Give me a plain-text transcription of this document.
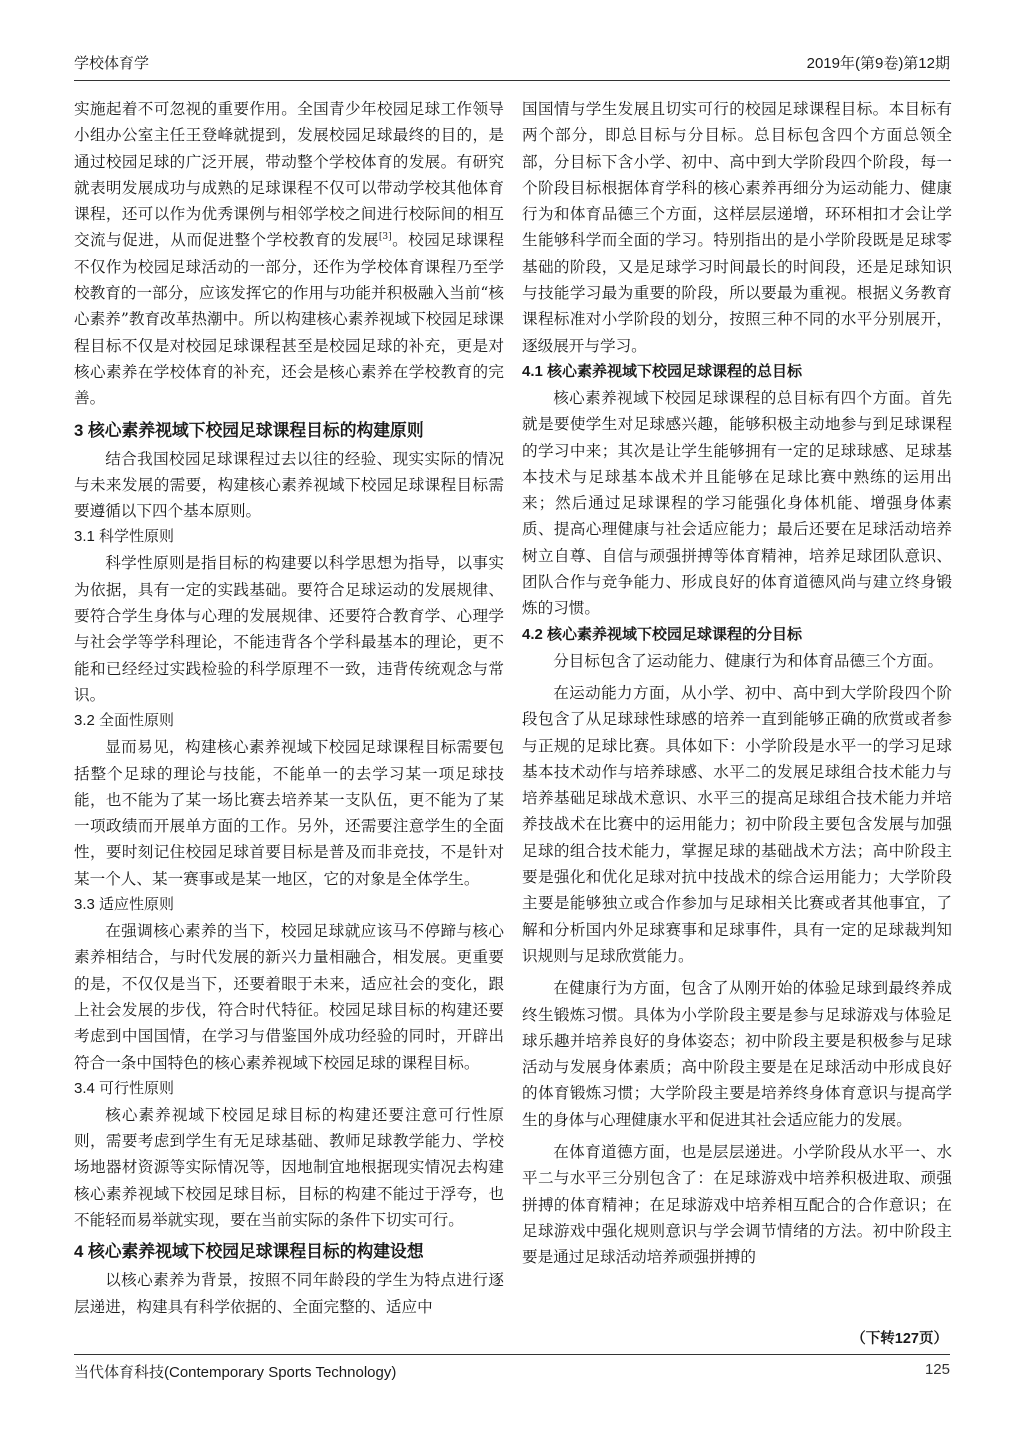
学校体育学	2019年(第9卷)第12期

实施起着不可忽视的重要作用。全国青少年校园足球工作领导小组办公室主任王登峰就提到，发展校园足球最终的目的，是通过校园足球的广泛开展，带动整个学校体育的发展。有研究就表明发展成功与成熟的足球课程不仅可以带动学校其他体育课程，还可以作为优秀课例与相邻学校之间进行校际间的相互交流与促进，从而促进整个学校教育的发展[3]。校园足球课程不仅作为校园足球活动的一部分，还作为学校体育课程乃至学校教育的一部分，应该发挥它的作用与功能并积极融入当前“核心素养”教育改革热潮中。所以构建核心素养视域下校园足球课程目标不仅是对校园足球课程甚至是校园足球的补充，更是对核心素养在学校体育的补充，还会是核心素养在学校教育的完善。

3 核心素养视域下校园足球课程目标的构建原则

结合我国校园足球课程过去以往的经验、现实实际的情况与未来发展的需要，构建核心素养视域下校园足球课程目标需要遵循以下四个基本原则。

3.1 科学性原则

科学性原则是指目标的构建要以科学思想为指导，以事实为依据，具有一定的实践基础。要符合足球运动的发展规律、要符合学生身体与心理的发展规律、还要符合教育学、心理学与社会学等学科理论，不能违背各个学科最基本的理论，更不能和已经经过实践检验的科学原理不一致，违背传统观念与常识。

3.2 全面性原则

显而易见，构建核心素养视域下校园足球课程目标需要包括整个足球的理论与技能，不能单一的去学习某一项足球技能，也不能为了某一场比赛去培养某一支队伍，更不能为了某一项政绩而开展单方面的工作。另外，还需要注意学生的全面性，要时刻记住校园足球首要目标是普及而非竞技，不是针对某一个人、某一赛事或是某一地区，它的对象是全体学生。

3.3 适应性原则

在强调核心素养的当下，校园足球就应该马不停蹄与核心素养相结合，与时代发展的新兴力量相融合，相发展。更重要的是，不仅仅是当下，还要着眼于未来，适应社会的变化，跟上社会发展的步伐，符合时代特征。校园足球目标的构建还要考虑到中国国情，在学习与借鉴国外成功经验的同时，开辟出符合一条中国特色的核心素养视域下校园足球的课程目标。

3.4 可行性原则

核心素养视域下校园足球目标的构建还要注意可行性原则，需要考虑到学生有无足球基础、教师足球教学能力、学校场地器材资源等实际情况等，因地制宜地根据现实情况去构建核心素养视域下校园足球目标，目标的构建不能过于浮夸，也不能轻而易举就实现，要在当前实际的条件下切实可行。

4 核心素养视域下校园足球课程目标的构建设想

以核心素养为背景，按照不同年龄段的学生为特点进行逐层递进，构建具有科学依据的、全面完整的、适应中

国国情与学生发展且切实可行的校园足球课程目标。本目标有两个部分，即总目标与分目标。总目标包含四个方面总领全部，分目标下含小学、初中、高中到大学阶段四个阶段，每一个阶段目标根据体育学科的核心素养再细分为运动能力、健康行为和体育品德三个方面，这样层层递增，环环相扣才会让学生能够科学而全面的学习。特别指出的是小学阶段既是足球零基础的阶段，又是足球学习时间最长的时间段，还是足球知识与技能学习最为重要的阶段，所以要最为重视。根据义务教育课程标准对小学阶段的划分，按照三种不同的水平分别展开，逐级展开与学习。

4.1 核心素养视域下校园足球课程的总目标

核心素养视域下校园足球课程的总目标有四个方面。首先就是要使学生对足球感兴趣，能够积极主动地参与到足球课程的学习中来；其次是让学生能够拥有一定的足球球感、足球基本技术与足球基本战术并且能够在足球比赛中熟练的运用出来；然后通过足球课程的学习能强化身体机能、增强身体素质、提高心理健康与社会适应能力；最后还要在足球活动培养树立自尊、自信与顽强拼搏等体育精神，培养足球团队意识、团队合作与竞争能力、形成良好的体育道德风尚与建立终身锻炼的习惯。

4.2 核心素养视域下校园足球课程的分目标

分目标包含了运动能力、健康行为和体育品德三个方面。

在运动能力方面，从小学、初中、高中到大学阶段四个阶段包含了从足球球性球感的培养一直到能够正确的欣赏或者参与正规的足球比赛。具体如下：小学阶段是水平一的学习足球基本技术动作与培养球感、水平二的发展足球组合技术能力与培养基础足球战术意识、水平三的提高足球组合技术能力并培养技战术在比赛中的运用能力；初中阶段主要包含发展与加强足球的组合技术能力，掌握足球的基础战术方法；高中阶段主要是强化和优化足球对抗中技战术的综合运用能力；大学阶段主要是能够独立或合作参加与足球相关比赛或者其他事宜，了解和分析国内外足球赛事和足球事件，具有一定的足球裁判知识规则与足球欣赏能力。

在健康行为方面，包含了从刚开始的体验足球到最终养成终生锻炼习惯。具体为小学阶段主要是参与足球游戏与体验足球乐趣并培养良好的身体姿态；初中阶段主要是积极参与足球活动与发展身体素质；高中阶段主要是在足球活动中形成良好的体育锻炼习惯；大学阶段主要是培养终身体育意识与提高学生的身体与心理健康水平和促进其社会适应能力的发展。

在体育道德方面，也是层层递进。小学阶段从水平一、水平二与水平三分别包含了：在足球游戏中培养积极进取、顽强拼搏的体育精神；在足球游戏中培养相互配合的合作意识；在足球游戏中强化规则意识与学会调节情绪的方法。初中阶段主要是通过足球活动培养顽强拼搏的

（下转127页）
当代体育科技(Contemporary Sports Technology)	125
